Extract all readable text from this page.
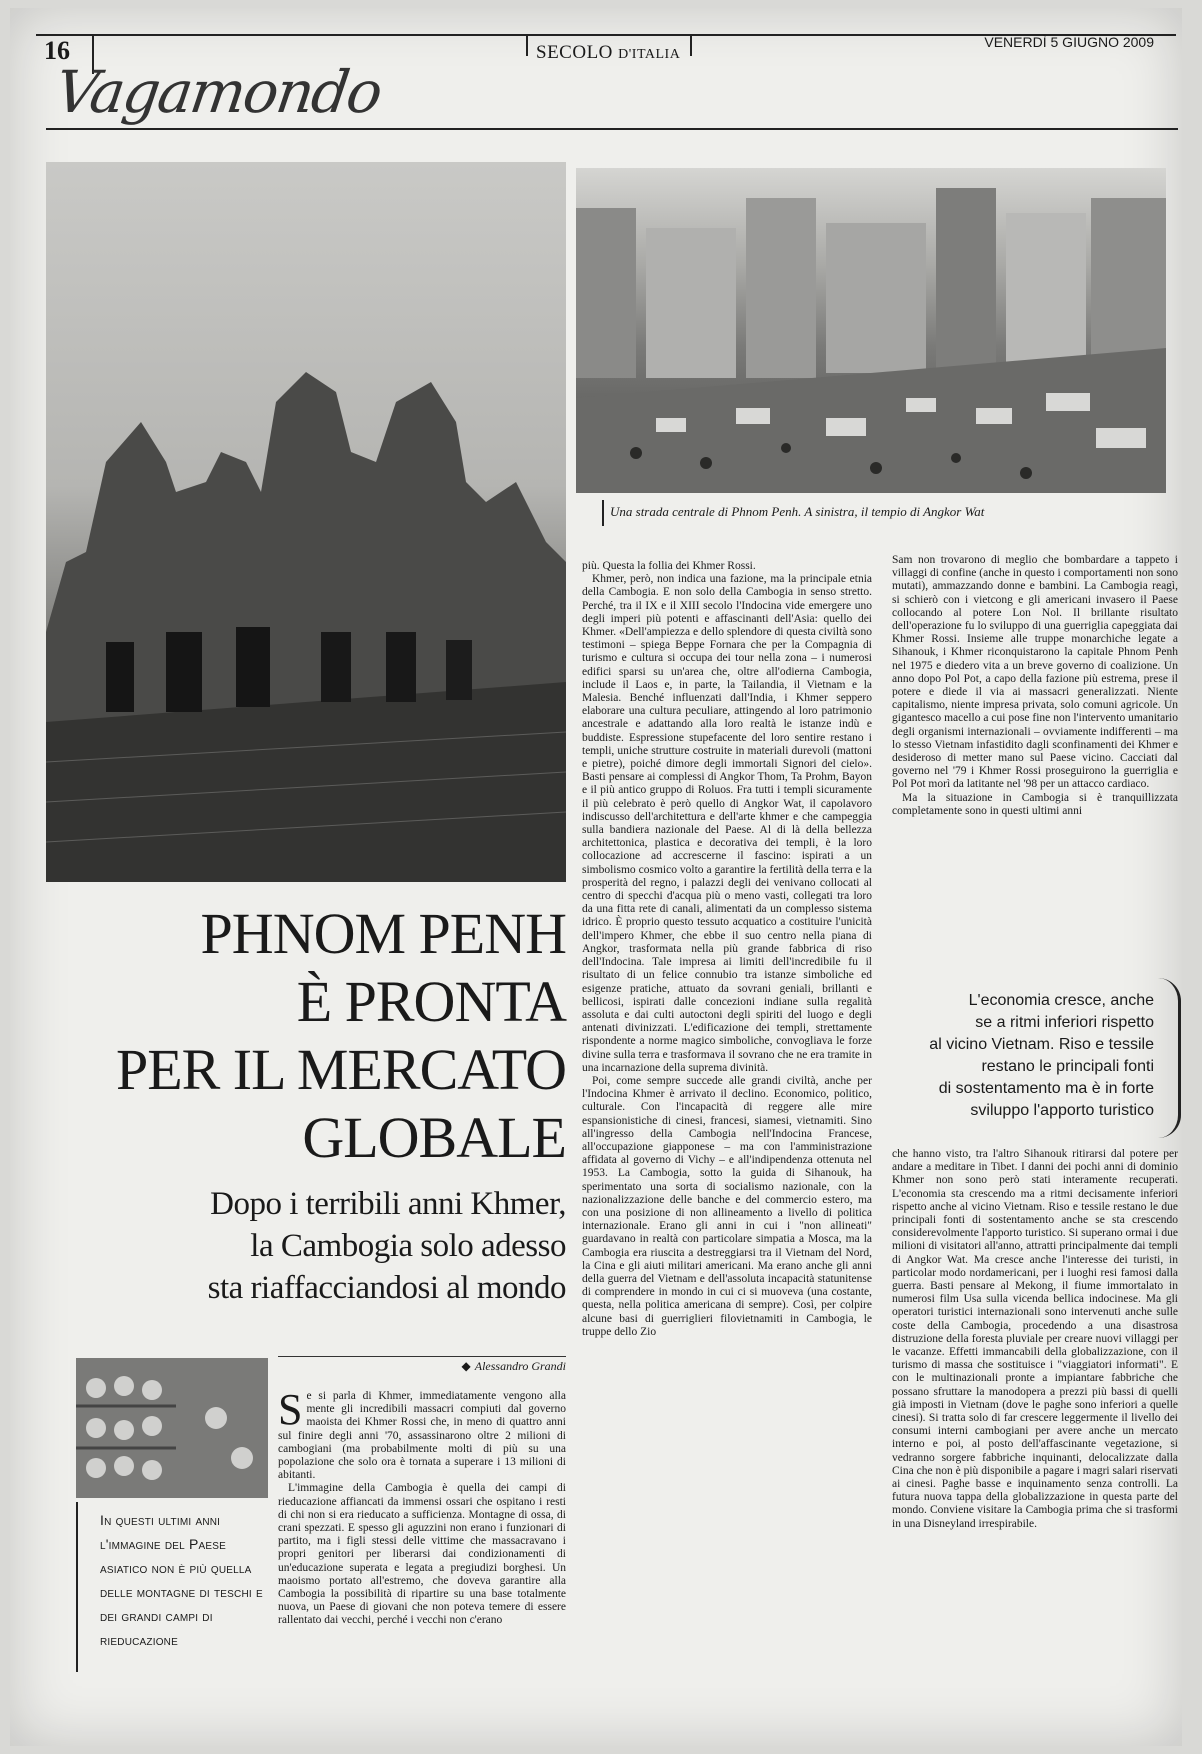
16	SECOLO D'ITALIA
VENERDÌ 5 GIUGNO 2009
Vagamondo
Una strada centrale di Phnom Penh. A sinistra, il tempio di Angkor Wat
PHNOM PENH
È PRONTA
PER IL MERCATO
GLOBALE
Dopo i terribili anni Khmer,
la Cambogia solo adesso
sta riaffacciandosi al mondo
◆ Alessandro Grandi
In questi ultimi anni l'immagine del Paese asiatico non è più quella delle montagne di teschi e dei grandi campi di rieducazione

Se si parla di Khmer, immediatamente vengono alla mente gli incredibili massacri compiuti dal governo maoista dei Khmer Rossi che, in meno di quattro anni sul finire degli anni '70, assassinarono oltre 2 milioni di cambogiani (ma probabilmente molti di più su una popolazione che solo ora è tornata a superare i 13 milioni di abitanti.

L'immagine della Cambogia è quella dei campi di rieducazione affiancati da immensi ossari che ospitano i resti di chi non si era rieducato a sufficienza. Montagne di ossa, di crani spezzati. E spesso gli aguzzini non erano i funzionari di partito, ma i figli stessi delle vittime che massacravano i propri genitori per liberarsi dai condizionamenti di un'educazione superata e legata a pregiudizi borghesi. Un maoismo portato all'estremo, che doveva garantire alla Cambogia la possibilità di ripartire su una base totalmente nuova, un Paese di giovani che non poteva temere di essere rallentato dai vecchi, perché i vecchi non c'erano

più. Questa la follia dei Khmer Rossi.

Khmer, però, non indica una fazione, ma la principale etnia della Cambogia. E non solo della Cambogia in senso stretto. Perché, tra il IX e il XIII secolo l'Indocina vide emergere uno degli imperi più potenti e affascinanti dell'Asia: quello dei Khmer. «Dell'ampiezza e dello splendore di questa civiltà sono testimoni – spiega Beppe Fornara che per la Compagnia di turismo e cultura si occupa dei tour nella zona – i numerosi edifici sparsi su un'area che, oltre all'odierna Cambogia, include il Laos e, in parte, la Tailandia, il Vietnam e la Malesia. Benché influenzati dall'India, i Khmer seppero elaborare una cultura peculiare, attingendo al loro patrimonio ancestrale e adattando alla loro realtà le istanze indù e buddiste. Espressione stupefacente del loro sentire restano i templi, uniche strutture costruite in materiali durevoli (mattoni e pietre), poiché dimore degli immortali Signori del cielo». Basti pensare ai complessi di Angkor Thom, Ta Prohm, Bayon e il più antico gruppo di Roluos. Fra tutti i templi sicuramente il più celebrato è però quello di Angkor Wat, il capolavoro indiscusso dell'architettura e dell'arte khmer e che campeggia sulla bandiera nazionale del Paese. Al di là della bellezza architettonica, plastica e decorativa dei templi, è la loro collocazione ad accrescerne il fascino: ispirati a un simbolismo cosmico volto a garantire la fertilità della terra e la prosperità del regno, i palazzi degli dei venivano collocati al centro di specchi d'acqua più o meno vasti, collegati tra loro da una fitta rete di canali, alimentati da un complesso sistema idrico. È proprio questo tessuto acquatico a costituire l'unicità dell'impero Khmer, che ebbe il suo centro nella piana di Angkor, trasformata nella più grande fabbrica di riso dell'Indocina. Tale impresa ai limiti dell'incredibile fu il risultato di un felice connubio tra istanze simboliche ed esigenze pratiche, attuato da sovrani geniali, brillanti e bellicosi, ispirati dalle concezioni indiane sulla regalità assoluta e dai culti autoctoni degli spiriti del luogo e degli antenati divinizzati. L'edificazione dei templi, strettamente rispondente a norme magico simboliche, convogliava le forze divine sulla terra e trasformava il sovrano che ne era tramite in una incarnazione della suprema divinità.

Poi, come sempre succede alle grandi civiltà, anche per l'Indocina Khmer è arrivato il declino. Economico, politico, culturale. Con l'incapacità di reggere alle mire espansionistiche di cinesi, francesi, siamesi, vietnamiti. Sino all'ingresso della Cambogia nell'Indocina Francese, all'occupazione giapponese – ma con l'amministrazione affidata al governo di Vichy – e all'indipendenza ottenuta nel 1953. La Cambogia, sotto la guida di Sihanouk, ha sperimentato una sorta di socialismo nazionale, con la nazionalizzazione delle banche e del commercio estero, ma con una posizione di non allineamento a livello di politica internazionale. Erano gli anni in cui i "non allineati" guardavano in realtà con particolare simpatia a Mosca, ma la Cambogia era riuscita a destreggiarsi tra il Vietnam del Nord, la Cina e gli aiuti militari americani. Ma erano anche gli anni della guerra del Vietnam e dell'assoluta incapacità statunitense di comprendere in mondo in cui ci si muoveva (una costante, questa, nella politica americana di sempre). Così, per colpire alcune basi di guerriglieri filovietnamiti in Cambogia, le truppe dello Zio

Sam non trovarono di meglio che bombardare a tappeto i villaggi di confine (anche in questo i comportamenti non sono mutati), ammazzando donne e bambini. La Cambogia reagì, si schierò con i vietcong e gli americani invasero il Paese collocando al potere Lon Nol. Il brillante risultato dell'operazione fu lo sviluppo di una guerriglia capeggiata dai Khmer Rossi. Insieme alle truppe monarchiche legate a Sihanouk, i Khmer riconquistarono la capitale Phnom Penh nel 1975 e diedero vita a un breve governo di coalizione. Un anno dopo Pol Pot, a capo della fazione più estrema, prese il potere e diede il via ai massacri generalizzati. Niente capitalismo, niente impresa privata, solo comuni agricole. Un gigantesco macello a cui pose fine non l'intervento umanitario degli organismi internazionali – ovviamente indifferenti – ma lo stesso Vietnam infastidito dagli sconfinamenti dei Khmer e desideroso di metter mano sul Paese vicino. Cacciati dal governo nel '79 i Khmer Rossi proseguirono la guerriglia e Pol Pot morì da latitante nel '98 per un attacco cardiaco.

Ma la situazione in Cambogia si è tranquillizzata completamente sono in questi ultimi anni

L'economia cresce, anche
se a ritmi inferiori rispetto
al vicino Vietnam. Riso e tessile
restano le principali fonti
di sostentamento ma è in forte
sviluppo l'apporto turistico

che hanno visto, tra l'altro Sihanouk ritirarsi dal potere per andare a meditare in Tibet. I danni dei pochi anni di dominio Khmer non sono però stati interamente recuperati. L'economia sta crescendo ma a ritmi decisamente inferiori rispetto anche al vicino Vietnam. Riso e tessile restano le due principali fonti di sostentamento anche se sta crescendo considerevolmente l'apporto turistico. Si superano ormai i due milioni di visitatori all'anno, attratti principalmente dai templi di Angkor Wat. Ma cresce anche l'interesse dei turisti, in particolar modo nordamericani, per i luoghi resi famosi dalla guerra. Basti pensare al Mekong, il fiume immortalato in numerosi film Usa sulla vicenda bellica indocinese. Ma gli operatori turistici internazionali sono intervenuti anche sulle coste della Cambogia, procedendo a una disastrosa distruzione della foresta pluviale per creare nuovi villaggi per le vacanze. Effetti immancabili della globalizzazione, con il turismo di massa che sostituisce i "viaggiatori informati". E con le multinazionali pronte a impiantare fabbriche che possano sfruttare la manodopera a prezzi più bassi di quelli già imposti in Vietnam (dove le paghe sono inferiori a quelle cinesi). Si tratta solo di far crescere leggermente il livello dei consumi interni cambogiani per avere anche un mercato interno e poi, al posto dell'affascinante vegetazione, si vedranno sorgere fabbriche inquinanti, delocalizzate dalla Cina che non è più disponibile a pagare i magri salari riservati ai cinesi. Paghe basse e inquinamento senza controlli. La futura nuova tappa della globalizzazione in questa parte del mondo. Conviene visitare la Cambogia prima che si trasformi in una Disneyland irrespirabile.
